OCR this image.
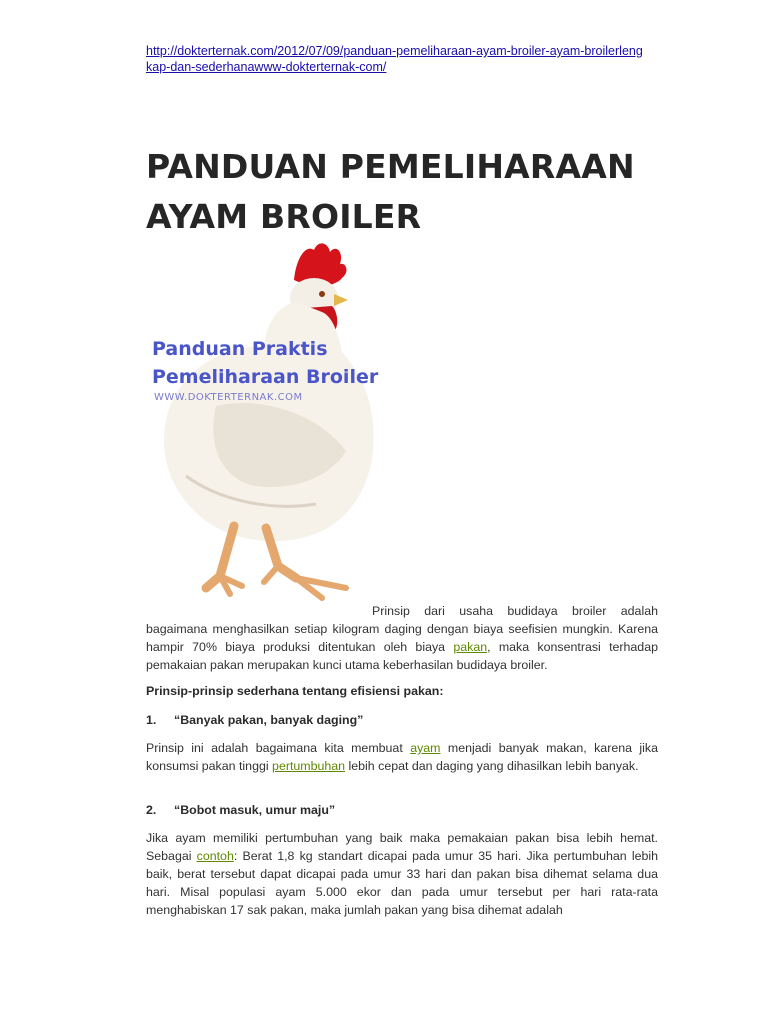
http://dokterternak.com/2012/07/09/panduan-pemeliharaan-ayam-broiler-ayam-broilerlengkap-dan-sederhanawww-dokterternak-com/
PANDUAN PEMELIHARAAN AYAM BROILER
Panduan Praktis
Pemeliharaan Broiler
WWW.DOKTERTERNAK.COM

Prinsip dari usaha budidaya broiler adalah bagaimana menghasilkan setiap kilogram daging dengan biaya seefisien mungkin. Karena hampir 70% biaya produksi ditentukan oleh biaya pakan, maka konsentrasi terhadap pemakaian pakan merupakan kunci utama keberhasilan budidaya broiler.

Prinsip-prinsip sederhana tentang efisiensi pakan:
1. “Banyak pakan, banyak daging”

Prinsip ini adalah bagaimana kita membuat ayam menjadi banyak makan, karena jika konsumsi pakan tinggi pertumbuhan lebih cepat dan daging yang dihasilkan lebih banyak.

2. “Bobot masuk, umur maju”

Jika ayam memiliki pertumbuhan yang baik maka pemakaian pakan bisa lebih hemat. Sebagai contoh: Berat 1,8 kg standart dicapai pada umur 35 hari. Jika pertumbuhan lebih baik, berat tersebut dapat dicapai pada umur 33 hari dan pakan bisa dihemat selama dua hari. Misal populasi ayam 5.000 ekor dan pada umur tersebut per hari rata-rata menghabiskan 17 sak pakan, maka jumlah pakan yang bisa dihemat adalah
